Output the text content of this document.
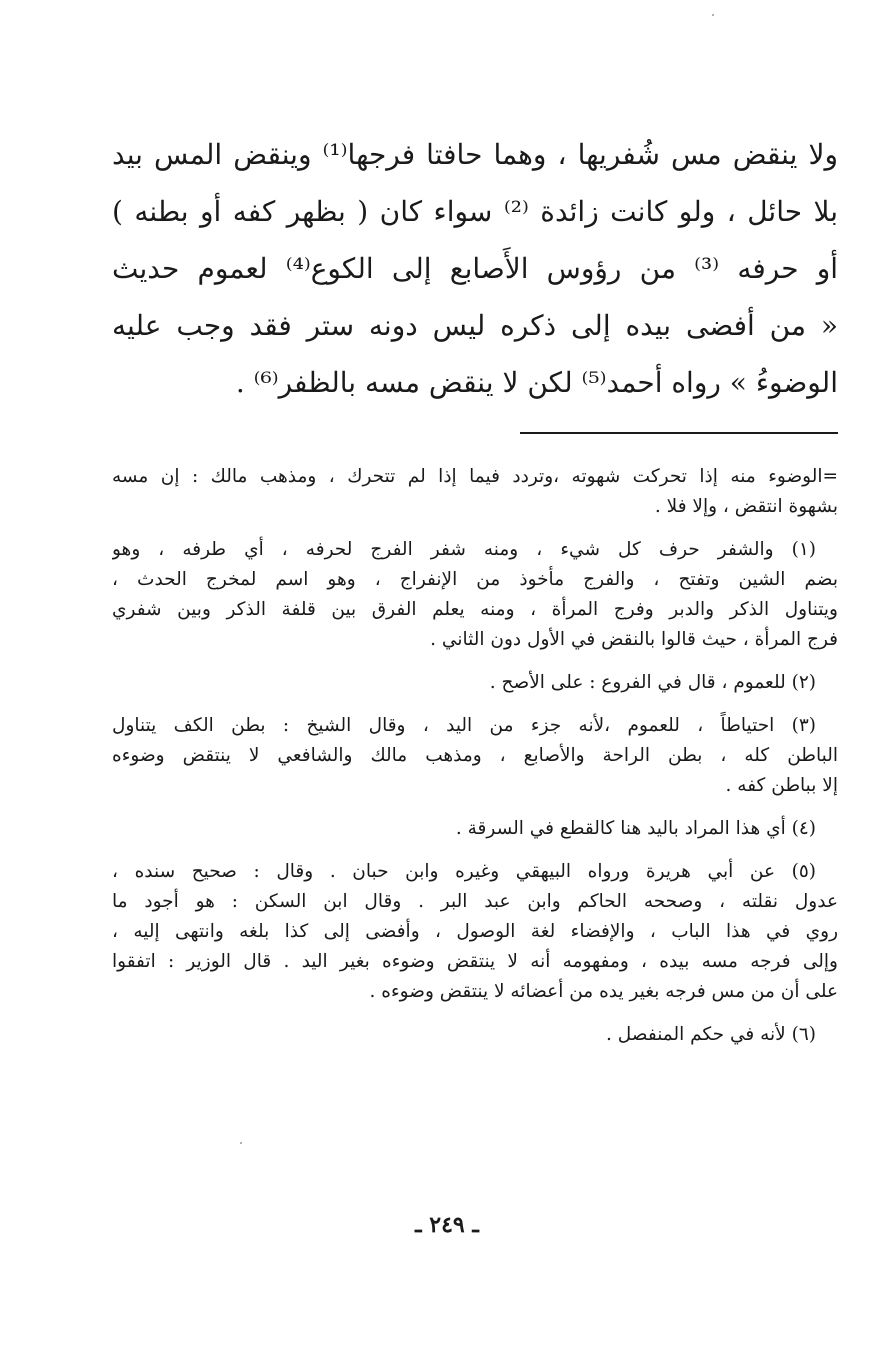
ولا ينقض مس شُفريها ، وهما حافتا فرجها⁽¹⁾ وينقض المس بيد
بلا حائل ، ولو كانت زائدة ⁽²⁾ سواء كان ( بظهر كفه أو بطنه )
أو حرفه ⁽³⁾ من رؤوس الأَصابع إلى الكوع⁽⁴⁾ لعموم حديث
« من أفضى بيده إلى ذكره ليس دونه ستر فقد وجب عليه
الوضوءُ » رواه أحمد⁽⁵⁾ لكن لا ينقض مسه بالظفر⁽⁶⁾ .
=الوضوء منه إذا تحركت شهوته ،وتردد فيما إذا لم تتحرك ، ومذهب مالك : إن مسه
بشهوة انتقض ، وإلا فلا .
(١) والشفر حرف كل شيء ، ومنه شفر الفرج لحرفه ، أي طرفه ، وهو
بضم الشين وتفتح ، والفرج مأخوذ من الإنفراج ، وهو اسم لمخرج الحدث ،
ويتناول الذكر والدبر وفرج المرأة ، ومنه يعلم الفرق بين قلفة الذكر وبين شفري
فرج المرأة ، حيث قالوا بالنقض في الأول دون الثاني .
(٢) للعموم ، قال في الفروع : على الأصح .
(٣) احتياطاً ، للعموم ،لأنه جزء من اليد ، وقال الشيخ : بطن الكف يتناول
الباطن كله ، بطن الراحة والأصابع ، ومذهب مالك والشافعي لا ينتقض وضوءه
إلا بباطن كفه .
(٤) أي هذا المراد باليد هنا كالقطع في السرقة .
(٥) عن أبي هريرة ورواه البيهقي وغيره وابن حبان . وقال : صحيح سنده ،
عدول نقلته ، وصححه الحاكم وابن عبد البر . وقال ابن السكن : هو أجود ما
روي في هذا الباب ، والإفضاء لغة الوصول ، وأفضى إلى كذا بلغه وانتهى إليه ،
وإلى فرجه مسه بيده ، ومفهومه أنه لا ينتقض وضوءه بغير اليد . قال الوزير : اتفقوا
على أن من مس فرجه بغير يده من أعضائه لا ينتقض وضوءه .
(٦) لأنه في حكم المنفصل .
ـ ٢٤٩ ـ
